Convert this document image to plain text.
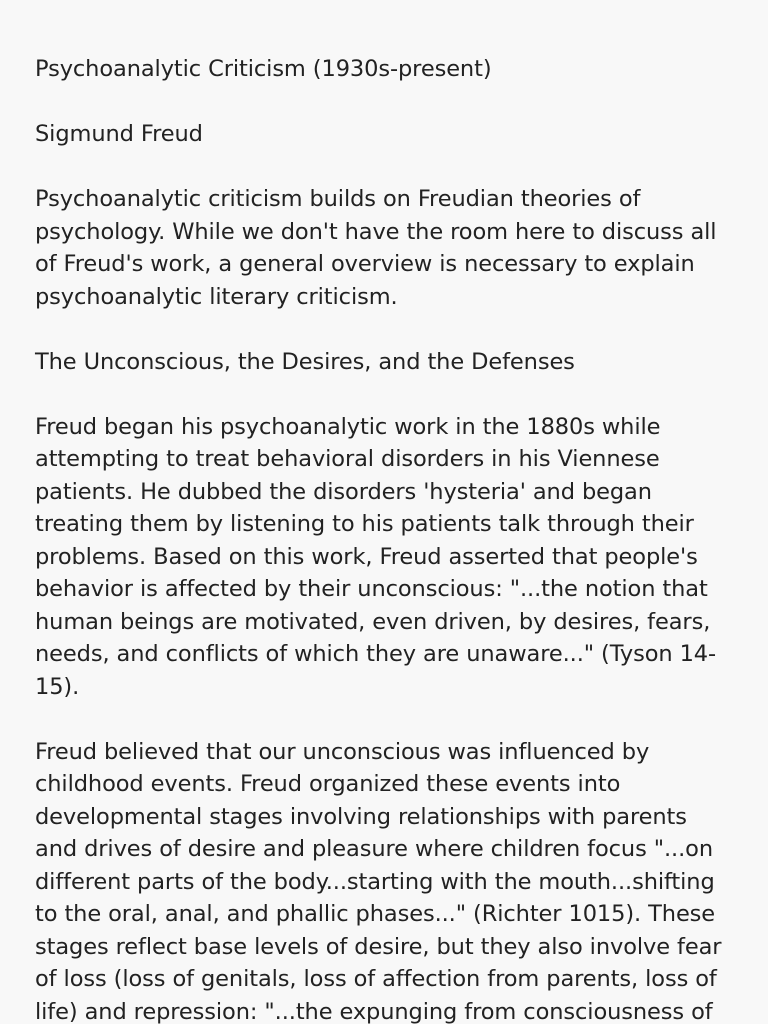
Psychoanalytic Criticism (1930s-present)

Sigmund Freud

Psychoanalytic criticism builds on Freudian theories of psychology. While we don't have the room here to discuss all of Freud's work, a general overview is necessary to explain psychoanalytic literary criticism.

The Unconscious, the Desires, and the Defenses

Freud began his psychoanalytic work in the 1880s while attempting to treat behavioral disorders in his Viennese patients. He dubbed the disorders 'hysteria' and began treating them by listening to his patients talk through their problems. Based on this work, Freud asserted that people's behavior is affected by their unconscious: "...the notion that human beings are motivated, even driven, by desires, fears, needs, and conflicts of which they are unaware..." (Tyson 14-15).

Freud believed that our unconscious was influenced by childhood events. Freud organized these events into developmental stages involving relationships with parents and drives of desire and pleasure where children focus "...on different parts of the body...starting with the mouth...shifting to the oral, anal, and phallic phases..." (Richter 1015). These stages reflect base levels of desire, but they also involve fear of loss (loss of genitals, loss of affection from parents, loss of life) and repression: "...the expunging from consciousness of
